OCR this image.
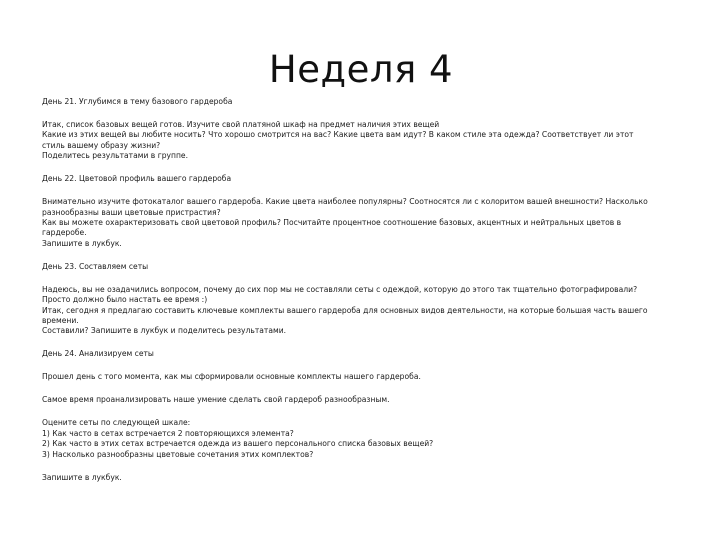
Неделя 4
День 21. Углубимся в тему базового гардероба
Итак, список базовых вещей готов. Изучите свой платяной шкаф на предмет наличия этих вещей
Какие из этих вещей вы любите носить? Что хорошо смотрится на вас? Какие цвета вам идут? В каком стиле эта одежда? Соответствует ли этот
стиль вашему образу жизни?
Поделитесь результатами в группе.
День 22. Цветовой профиль вашего гардероба
Внимательно изучите фотокаталог вашего гардероба. Какие цвета наиболее популярны? Соотносятся ли с колоритом вашей внешности? Насколько
разнообразны ваши цветовые пристрастия?
Как вы можете охарактеризовать свой цветовой профиль? Посчитайте процентное соотношение базовых, акцентных и нейтральных цветов в
гардеробе.
Запишите в лукбук.
День 23. Составляем сеты
Надеюсь, вы не озадачились вопросом, почему до сих пор мы не составляли сеты с одеждой, которую до этого так тщательно фотографировали?
Просто должно было настать ее время :)
Итак, сегодня я предлагаю составить ключевые комплекты вашего гардероба для основных видов деятельности, на которые большая часть вашего
времени.
Составили? Запишите в лукбук и поделитесь результатами.
День 24. Анализируем сеты
Прошел день с того момента, как мы сформировали основные комплекты нашего гардероба.
Самое время проанализировать наше умение сделать свой гардероб разнообразным.
Оцените сеты по следующей шкале:
1) Как часто в сетах встречается 2 повторяющихся элемента?
2) Как часто в этих сетах встречается одежда из вашего персонального списка базовых вещей?
3) Насколько разнообразны цветовые сочетания этих комплектов?
Запишите в лукбук.
